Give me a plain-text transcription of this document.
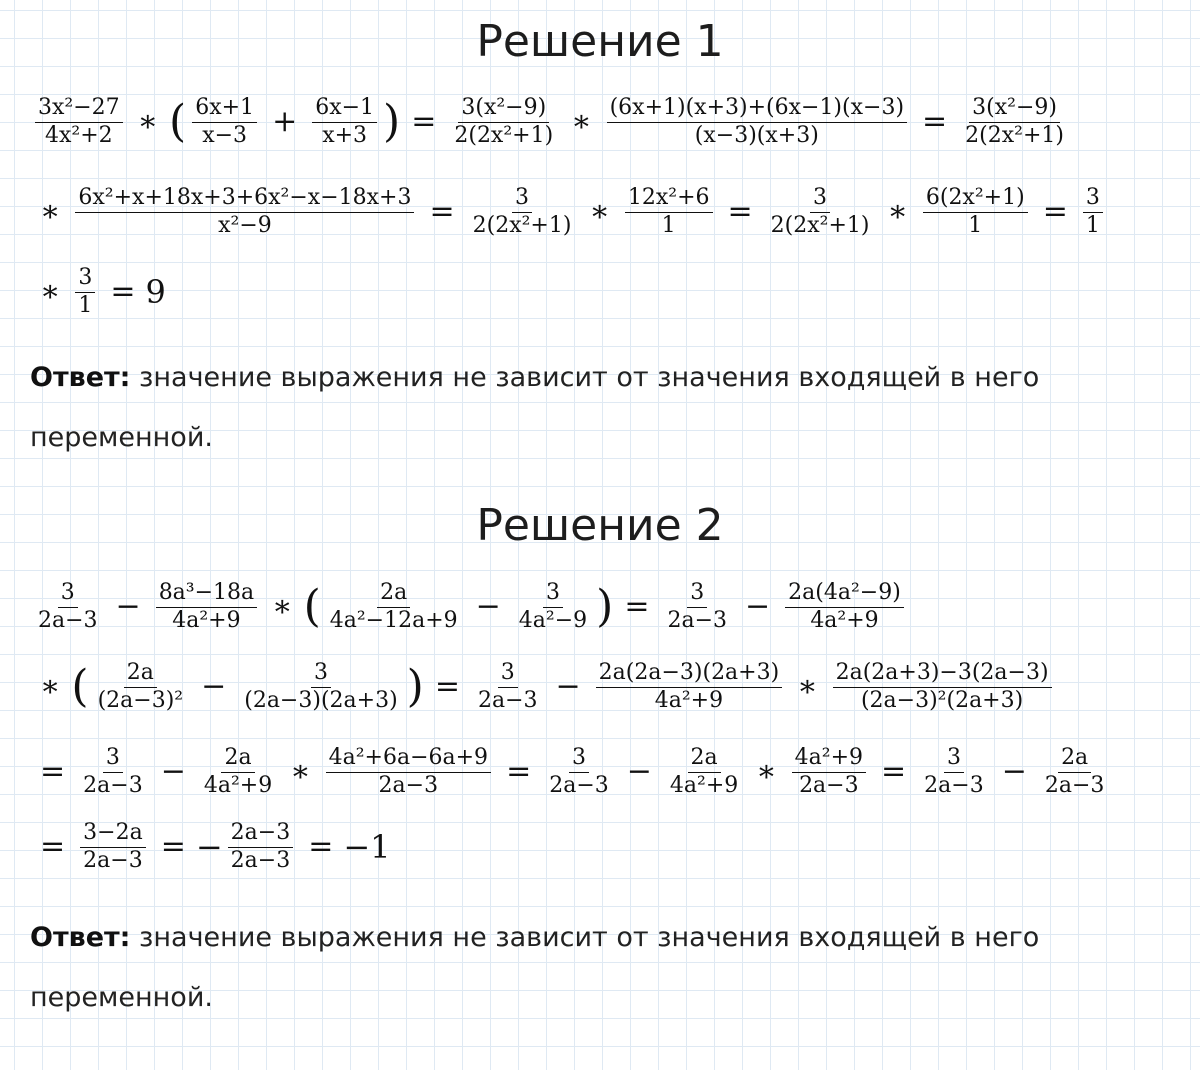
Решение 1
$\frac{\text{3x²−27}}{\text{4x²+2}}$ ∗ ( $\frac{6x+1}{x-3} + \frac{6x-1}{x+3}$ ) = $\frac{\text{3(x²−9)}}{\text{2(2x²+1)}}$ ∗ $\frac{(6x+1)(x+3)+(6x-1)(x-3)}{(x-3)(x+3)} = \frac{\text{3(x²−9)}}{\text{2(2x²+1)}}$
∗ $\frac{\text{6x²+x+18x+3+6x²−x−18x+3}}{\text{x²−9}} = \frac{3}{\text{2(2x²+1)}}$ ∗ $\frac{\text{12x²+6}}{1} = \frac{3}{\text{2(2x²+1)}}$ ∗ $\frac{\text{6(2x²+1)}}{1} = \frac{3}{1}$
∗ $\frac{3}{1} = 9$
Ответ: значение выражения не зависит от значения входящей в него переменной.
Решение 2
$\frac{3}{2a-3} - \frac{\text{8a³−18a}}{\text{4a²+9}}$ ∗ ( $\frac{2a}{\text{4a²−12a+9}} - \frac{3}{\text{4a²−9}}$ ) = $\frac{3}{2a-3} - \frac{\text{2a(4a²−9)}}{\text{4a²+9}}$
∗ ( $\frac{2a}{\text{(2a−3)²}} - \frac{3}{(2a-3)(2a+3)}$ ) = $\frac{3}{2a-3} - \frac{2a(2a-3)(2a+3)}{\text{4a²+9}}$ ∗ $\frac{2a(2a+3)-3(2a-3)}{\text{(2a−3)²(2a+3)}}$
= $\frac{3}{2a-3} - \frac{2a}{\text{4a²+9}}$ ∗ $\frac{\text{4a²+6a−6a+9}}{2a-3} = \frac{3}{2a-3} - \frac{2a}{\text{4a²+9}}$ ∗ $\frac{\text{4a²+9}}{2a-3} = \frac{3}{2a-3} - \frac{2a}{2a-3}$
= $\frac{3-2a}{2a-3}$ = − $\frac{2a-3}{2a-3} = -1$
Ответ: значение выражения не зависит от значения входящей в него переменной.
